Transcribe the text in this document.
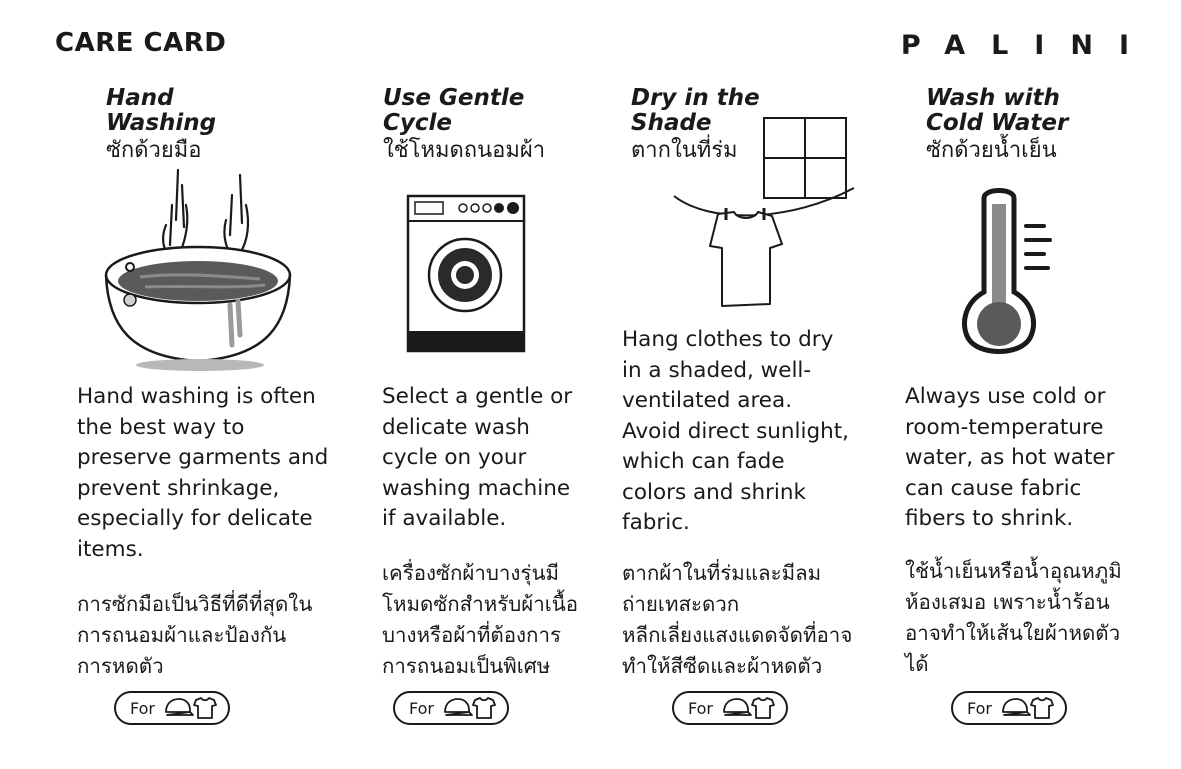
CARE CARD	PALINI
Hand
Washing
ซักด้วยมือ
Hand washing is often
the best way to
preserve garments and
prevent shrinkage,
especially for delicate
items.
การซักมือเป็นวิธีที่ดีที่สุดใน
การถนอมผ้าและป้องกัน
การหดตัว
For
Use Gentle
Cycle
ใช้โหมดถนอมผ้า
Select a gentle or
delicate wash
cycle on your
washing machine
if available.
เครื่องซักผ้าบางรุ่นมี
โหมดซักสำหรับผ้าเนื้อ
บางหรือผ้าที่ต้องการ
การถนอมเป็นพิเศษ
For
Dry in the
Shade
ตากในที่ร่ม
Hang clothes to dry
in a shaded, well-
ventilated area.
Avoid direct sunlight,
which can fade
colors and shrink
fabric.
ตากผ้าในที่ร่มและมีลม
ถ่ายเทสะดวก
หลีกเลี่ยงแสงแดดจัดที่อาจ
ทำให้สีซีดและผ้าหดตัว
For
Wash with
Cold Water
ซักด้วยน้ำเย็น
Always use cold or
room-temperature
water, as hot water
can cause fabric
fibers to shrink.
ใช้น้ำเย็นหรือน้ำอุณหภูมิ
ห้องเสมอ เพราะน้ำร้อน
อาจทำให้เส้นใยผ้าหดตัว
ได้
For
